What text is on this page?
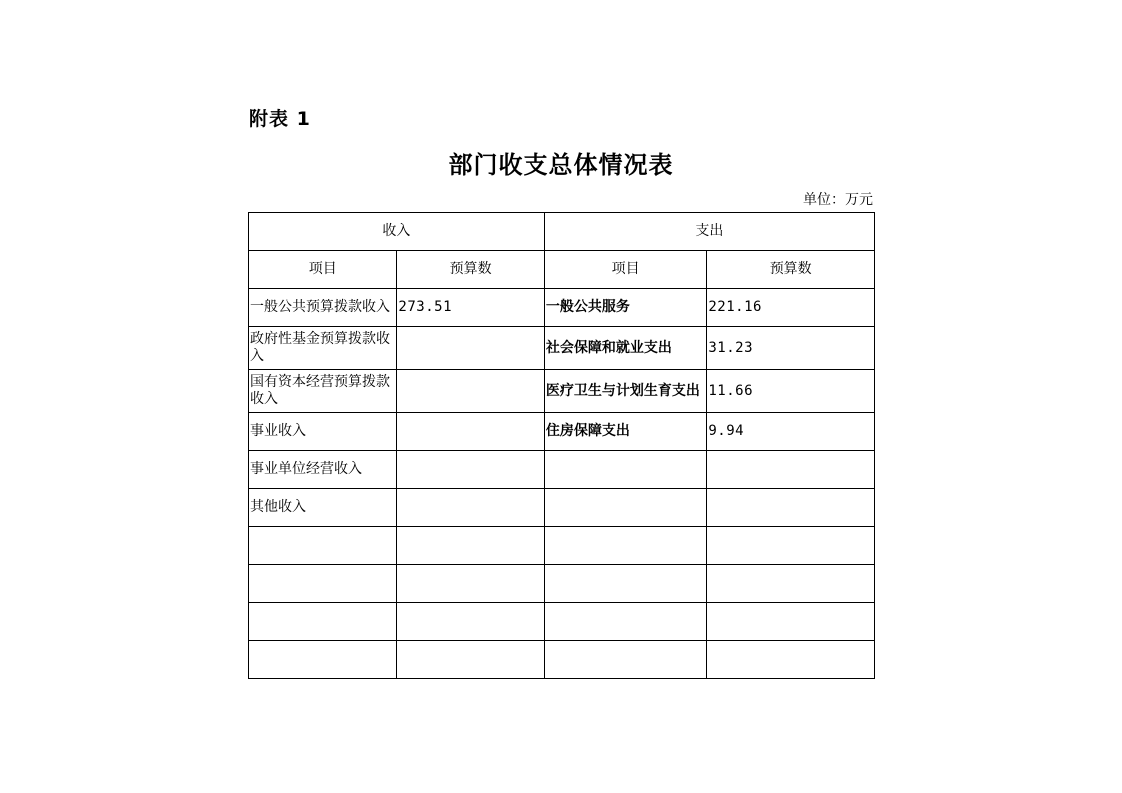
附表 1
部门收支总体情况表
单位：万元
收入		支出	
项目	预算数	项目	预算数
一般公共预算拨款收入	273.51	一般公共服务	221.16
政府性基金预算拨款收入		社会保障和就业支出	31.23
国有资本经营预算拨款收入		医疗卫生与计划生育支出	11.66
事业收入		住房保障支出	9.94
事业单位经营收入			
其他收入			
